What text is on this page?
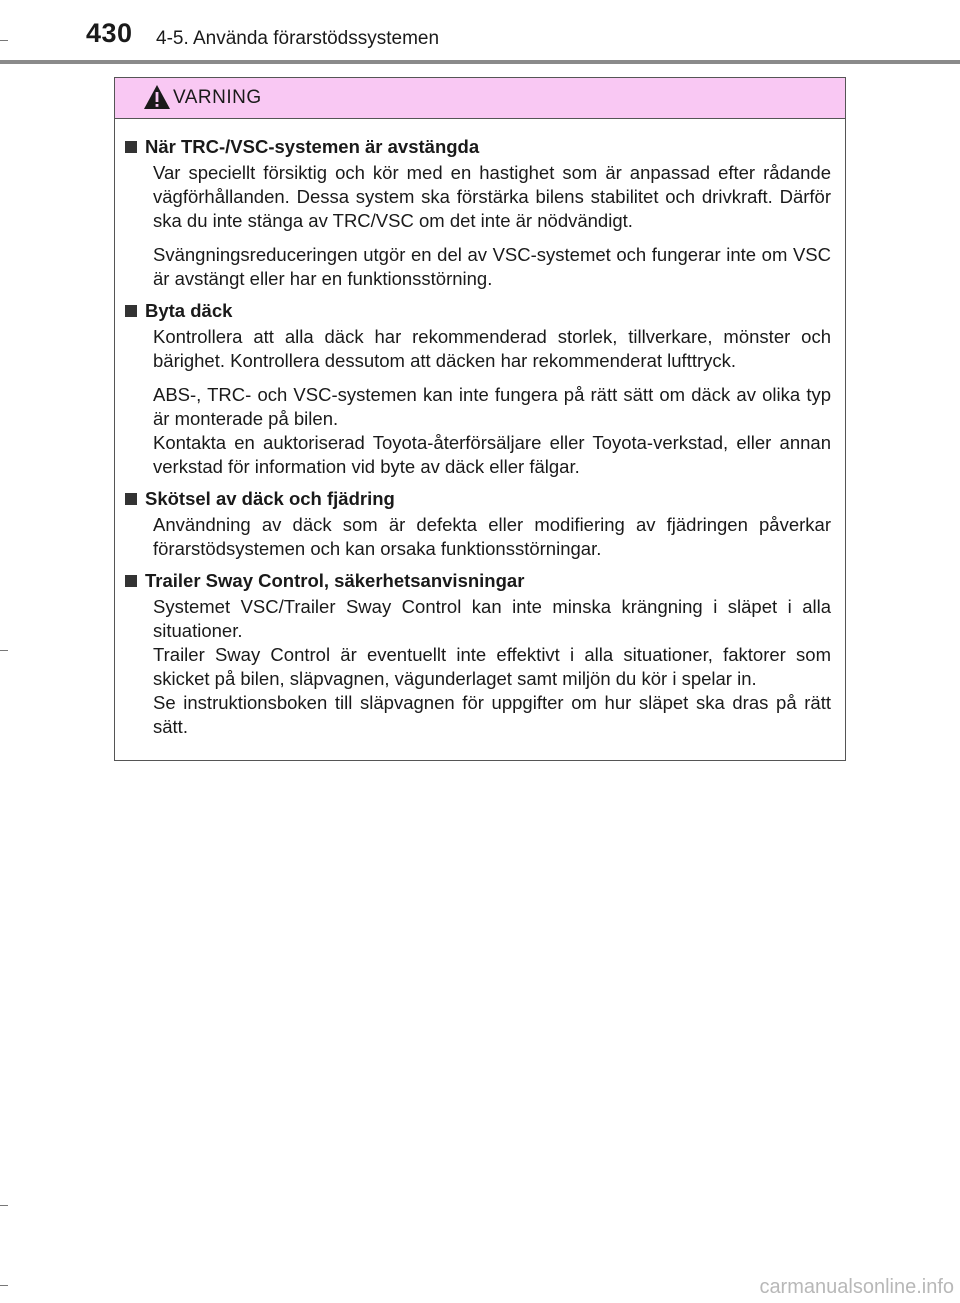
430 4-5. Använda förarstödssystemen
VARNING
När TRC-/VSC-systemen är avstängda

Var speciellt försiktig och kör med en hastighet som är anpassad efter rådande vägförhållanden. Dessa system ska förstärka bilens stabilitet och drivkraft. Därför ska du inte stänga av TRC/VSC om det inte är nödvändigt.

Svängningsreduceringen utgör en del av VSC-systemet och fungerar inte om VSC är avstängt eller har en funktionsstörning.

Byta däck

Kontrollera att alla däck har rekommenderad storlek, tillverkare, mönster och bärighet. Kontrollera dessutom att däcken har rekommenderat lufttryck.

ABS-, TRC- och VSC-systemen kan inte fungera på rätt sätt om däck av olika typ är monterade på bilen.

Kontakta en auktoriserad Toyota-återförsäljare eller Toyota-verkstad, eller annan verkstad för information vid byte av däck eller fälgar.

Skötsel av däck och fjädring

Användning av däck som är defekta eller modifiering av fjädringen påverkar förarstödsystemen och kan orsaka funktionsstörningar.

Trailer Sway Control, säkerhetsanvisningar

Systemet VSC/Trailer Sway Control kan inte minska krängning i släpet i alla situationer.

Trailer Sway Control är eventuellt inte effektivt i alla situationer, faktorer som skicket på bilen, släpvagnen, vägunderlaget samt miljön du kör i spelar in.

Se instruktionsboken till släpvagnen för uppgifter om hur släpet ska dras på rätt sätt.

carmanualsonline.info
